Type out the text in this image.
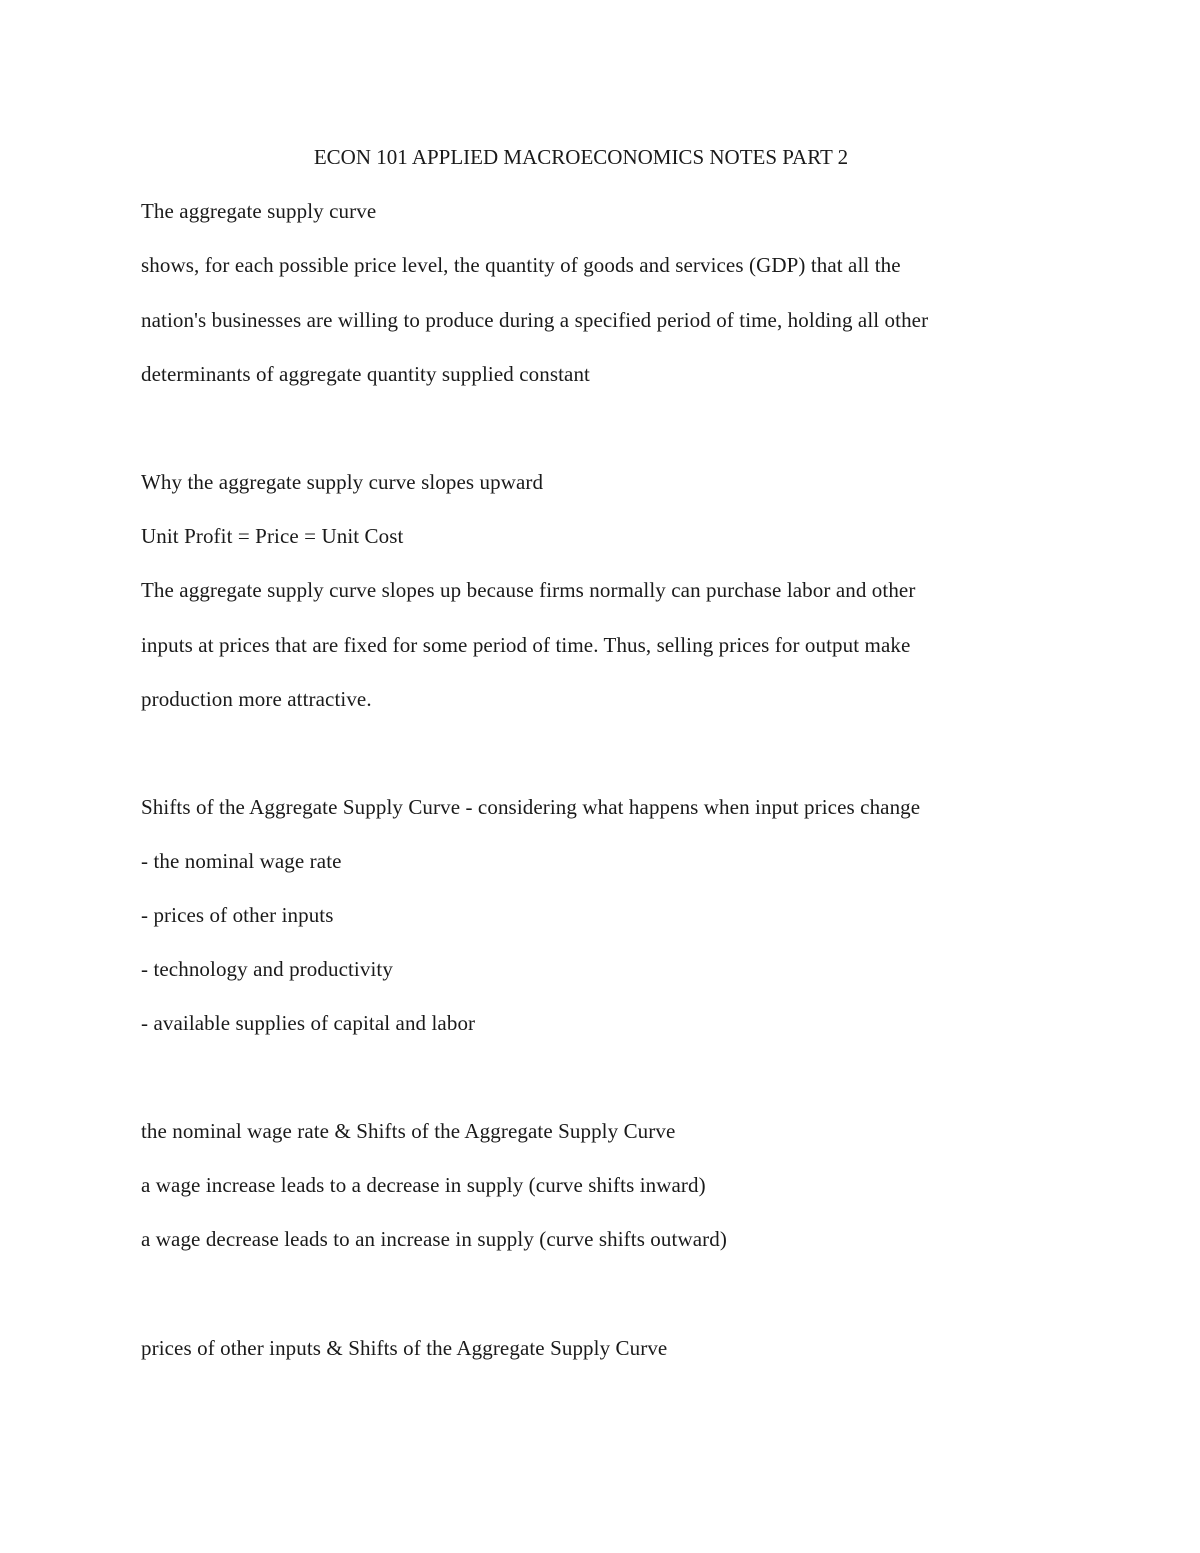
ECON 101 APPLIED MACROECONOMICS NOTES PART 2
The aggregate supply curve
shows, for each possible price level, the quantity of goods and services (GDP) that all the
nation's businesses are willing to produce during a specified period of time, holding all other
determinants of aggregate quantity supplied constant
Why the aggregate supply curve slopes upward
Unit Profit = Price = Unit Cost
The aggregate supply curve slopes up because firms normally can purchase labor and other
inputs at prices that are fixed for some period of time. Thus, selling prices for output make
production more attractive.
Shifts of the Aggregate Supply Curve - considering what happens when input prices change
- the nominal wage rate
- prices of other inputs
- technology and productivity
- available supplies of capital and labor
the nominal wage rate & Shifts of the Aggregate Supply Curve
a wage increase leads to a decrease in supply (curve shifts inward)
a wage decrease leads to an increase in supply (curve shifts outward)
prices of other inputs & Shifts of the Aggregate Supply Curve
